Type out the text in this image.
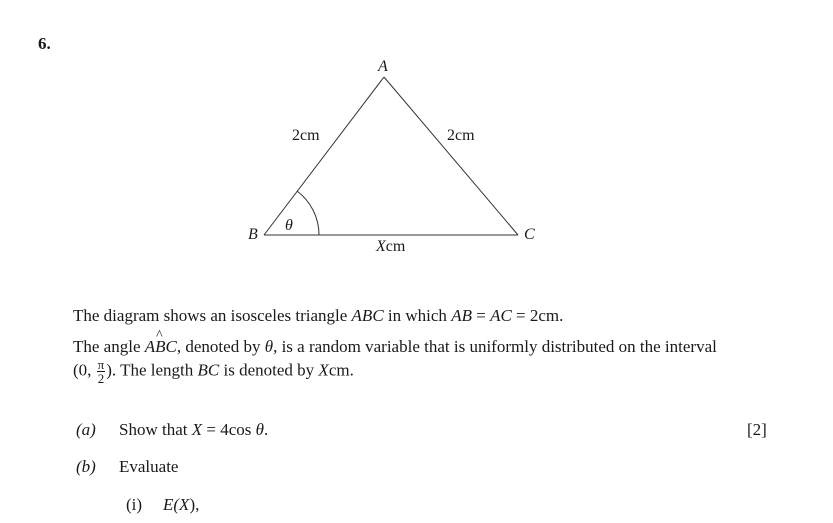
6.
A
B	C
2cm	2cm
Xcm
θ
The diagram shows an isosceles triangle ABC in which AB = AC = 2cm.
The angle A^ BC, denoted by θ, is a random variable that is uniformly distributed on the interval
(0, $\frac{\pi}{2}$ ). The length BC is denoted by Xcm.
(a) Show that X = 4cos θ.	[2]
(b) Evaluate
(i) E(X),
